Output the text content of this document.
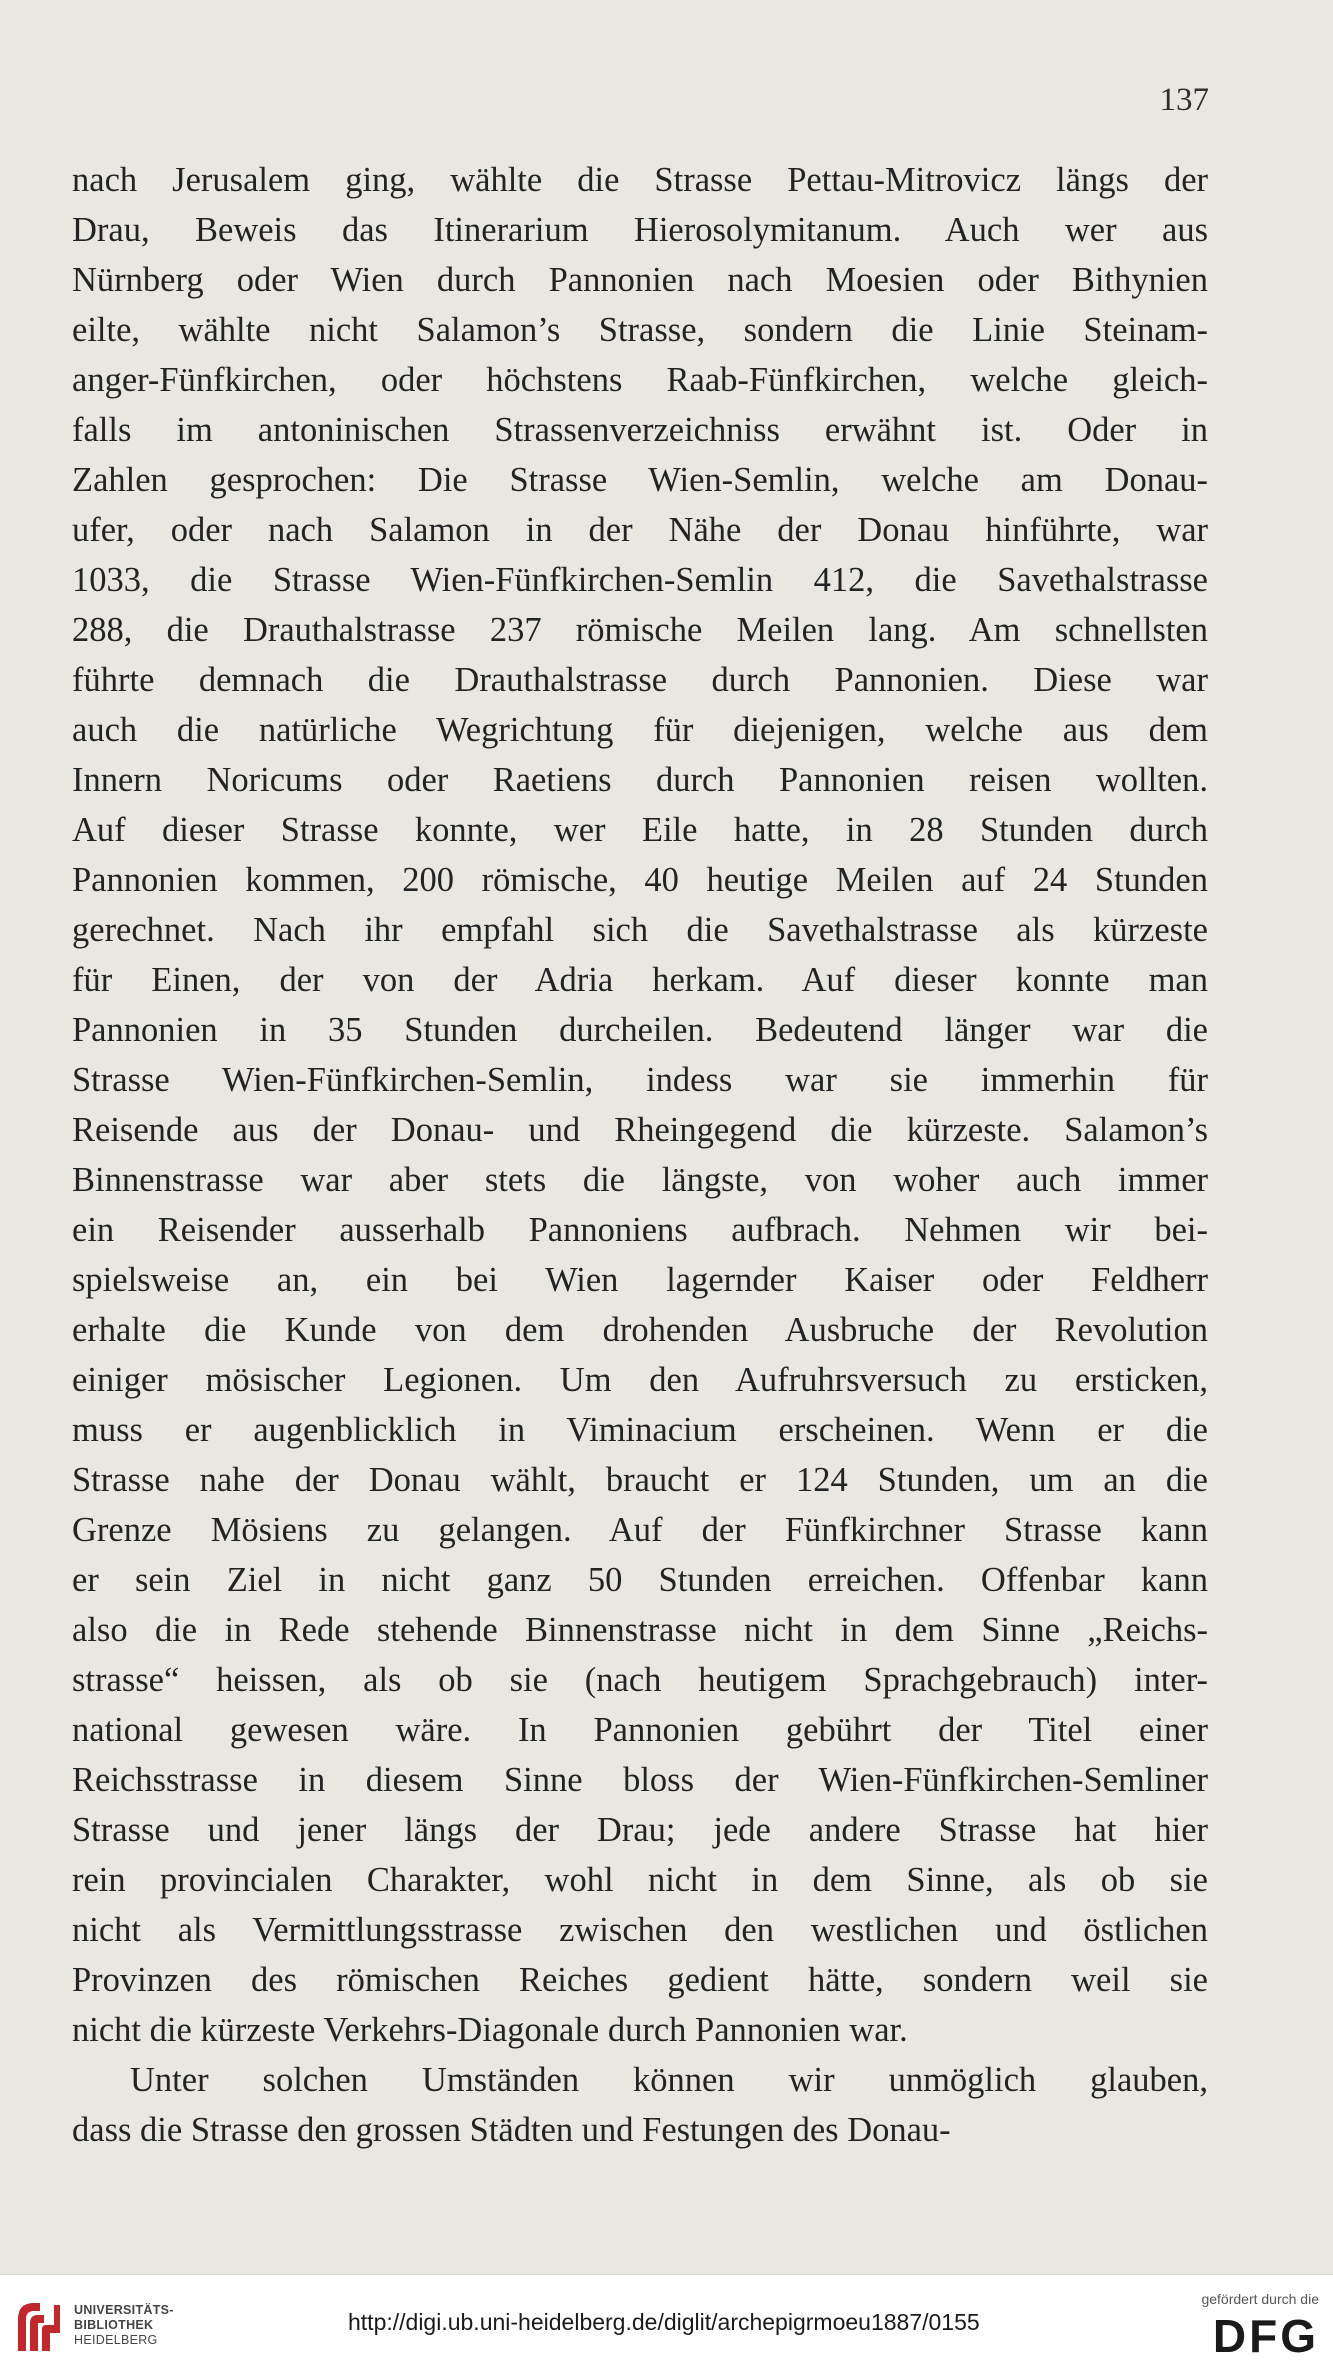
137
nach Jerusalem ging, wählte die Strasse Pettau-Mitrovicz längs der
Drau, Beweis das Itinerarium Hierosolymitanum. Auch wer aus
Nürnberg oder Wien durch Pannonien nach Moesien oder Bithynien
eilte, wählte nicht Salamon’s Strasse, sondern die Linie Steinam-
anger-Fünfkirchen, oder höchstens Raab-Fünfkirchen, welche gleich-
falls im antoninischen Strassenverzeichniss erwähnt ist. Oder in
Zahlen gesprochen: Die Strasse Wien-Semlin, welche am Donau-
ufer, oder nach Salamon in der Nähe der Donau hinführte, war
1033, die Strasse Wien-Fünfkirchen-Semlin 412, die Savethalstrasse
288, die Drauthalstrasse 237 römische Meilen lang. Am schnellsten
führte demnach die Drauthalstrasse durch Pannonien. Diese war
auch die natürliche Wegrichtung für diejenigen, welche aus dem
Innern Noricums oder Raetiens durch Pannonien reisen wollten.
Auf dieser Strasse konnte, wer Eile hatte, in 28 Stunden durch
Pannonien kommen, 200 römische, 40 heutige Meilen auf 24 Stunden
gerechnet. Nach ihr empfahl sich die Savethalstrasse als kürzeste
für Einen, der von der Adria herkam. Auf dieser konnte man
Pannonien in 35 Stunden durcheilen. Bedeutend länger war die
Strasse Wien-Fünfkirchen-Semlin, indess war sie immerhin für
Reisende aus der Donau- und Rheingegend die kürzeste. Salamon’s
Binnenstrasse war aber stets die längste, von woher auch immer
ein Reisender ausserhalb Pannoniens aufbrach. Nehmen wir bei-
spielsweise an, ein bei Wien lagernder Kaiser oder Feldherr
erhalte die Kunde von dem drohenden Ausbruche der Revolution
einiger mösischer Legionen. Um den Aufruhrsversuch zu ersticken,
muss er augenblicklich in Viminacium erscheinen. Wenn er die
Strasse nahe der Donau wählt, braucht er 124 Stunden, um an die
Grenze Mösiens zu gelangen. Auf der Fünfkirchner Strasse kann
er sein Ziel in nicht ganz 50 Stunden erreichen. Offenbar kann
also die in Rede stehende Binnenstrasse nicht in dem Sinne „Reichs-
strasse“ heissen, als ob sie (nach heutigem Sprachgebrauch) inter-
national gewesen wäre. In Pannonien gebührt der Titel einer
Reichsstrasse in diesem Sinne bloss der Wien-Fünfkirchen-Semliner
Strasse und jener längs der Drau; jede andere Strasse hat hier
rein provincialen Charakter, wohl nicht in dem Sinne, als ob sie
nicht als Vermittlungsstrasse zwischen den westlichen und östlichen
Provinzen des römischen Reiches gedient hätte, sondern weil sie
nicht die kürzeste Verkehrs-Diagonale durch Pannonien war.
Unter solchen Umständen können wir unmöglich glauben,
dass die Strasse den grossen Städten und Festungen des Donau-
UNIVERSITÄTS-
BIBLIOTHEK
HEIDELBERG
http://digi.ub.uni-heidelberg.de/diglit/archepigrmoeu1887/0155
gefördert durch die
DFG
